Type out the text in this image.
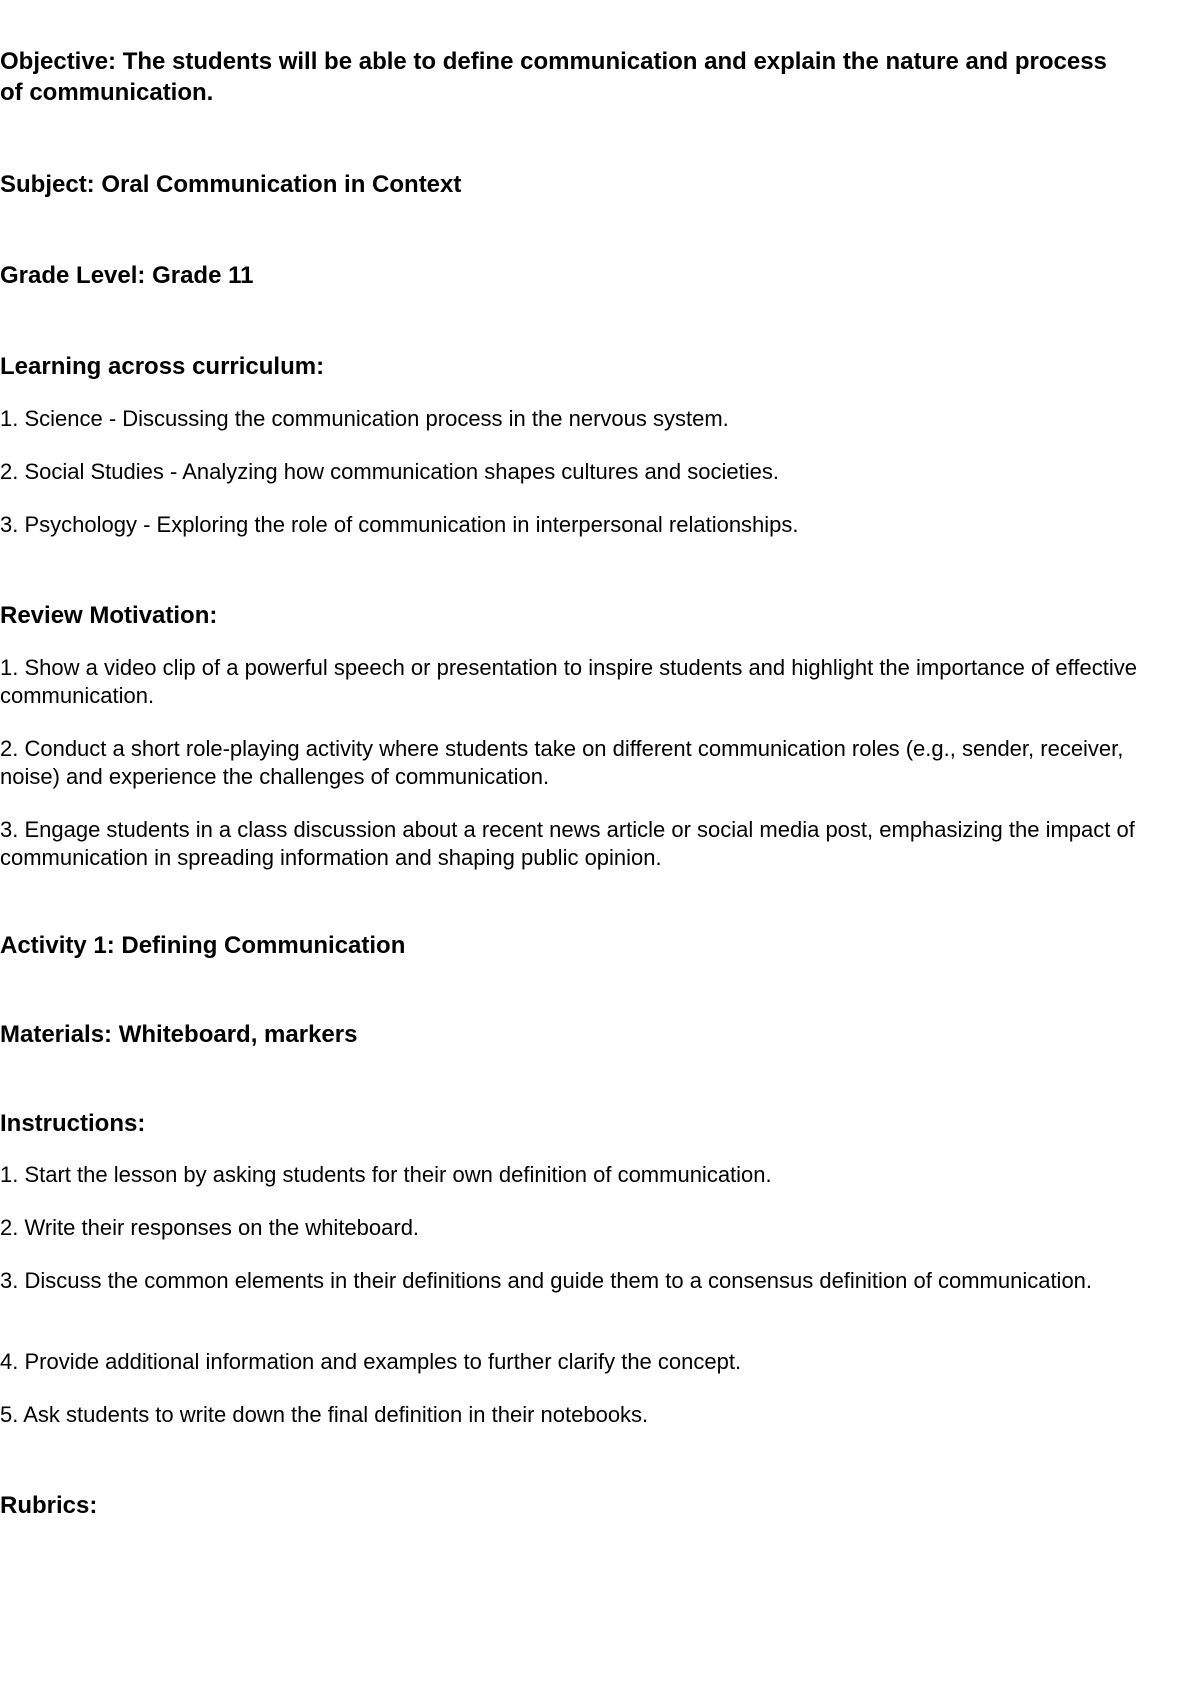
Objective: The students will be able to define communication and explain the nature and process of communication.

Subject: Oral Communication in Context

Grade Level: Grade 11

Learning across curriculum:

1. Science - Discussing the communication process in the nervous system.

2. Social Studies - Analyzing how communication shapes cultures and societies.

3. Psychology - Exploring the role of communication in interpersonal relationships.

Review Motivation:

1. Show a video clip of a powerful speech or presentation to inspire students and highlight the importance of effective communication.

2. Conduct a short role-playing activity where students take on different communication roles (e.g., sender, receiver, noise) and experience the challenges of communication.

3. Engage students in a class discussion about a recent news article or social media post, emphasizing the impact of communication in spreading information and shaping public opinion.

Activity 1: Defining Communication

Materials: Whiteboard, markers

Instructions:

1. Start the lesson by asking students for their own definition of communication.

2. Write their responses on the whiteboard.

3. Discuss the common elements in their definitions and guide them to a consensus definition of communication.

4. Provide additional information and examples to further clarify the concept.

5. Ask students to write down the final definition in their notebooks.

Rubrics:
